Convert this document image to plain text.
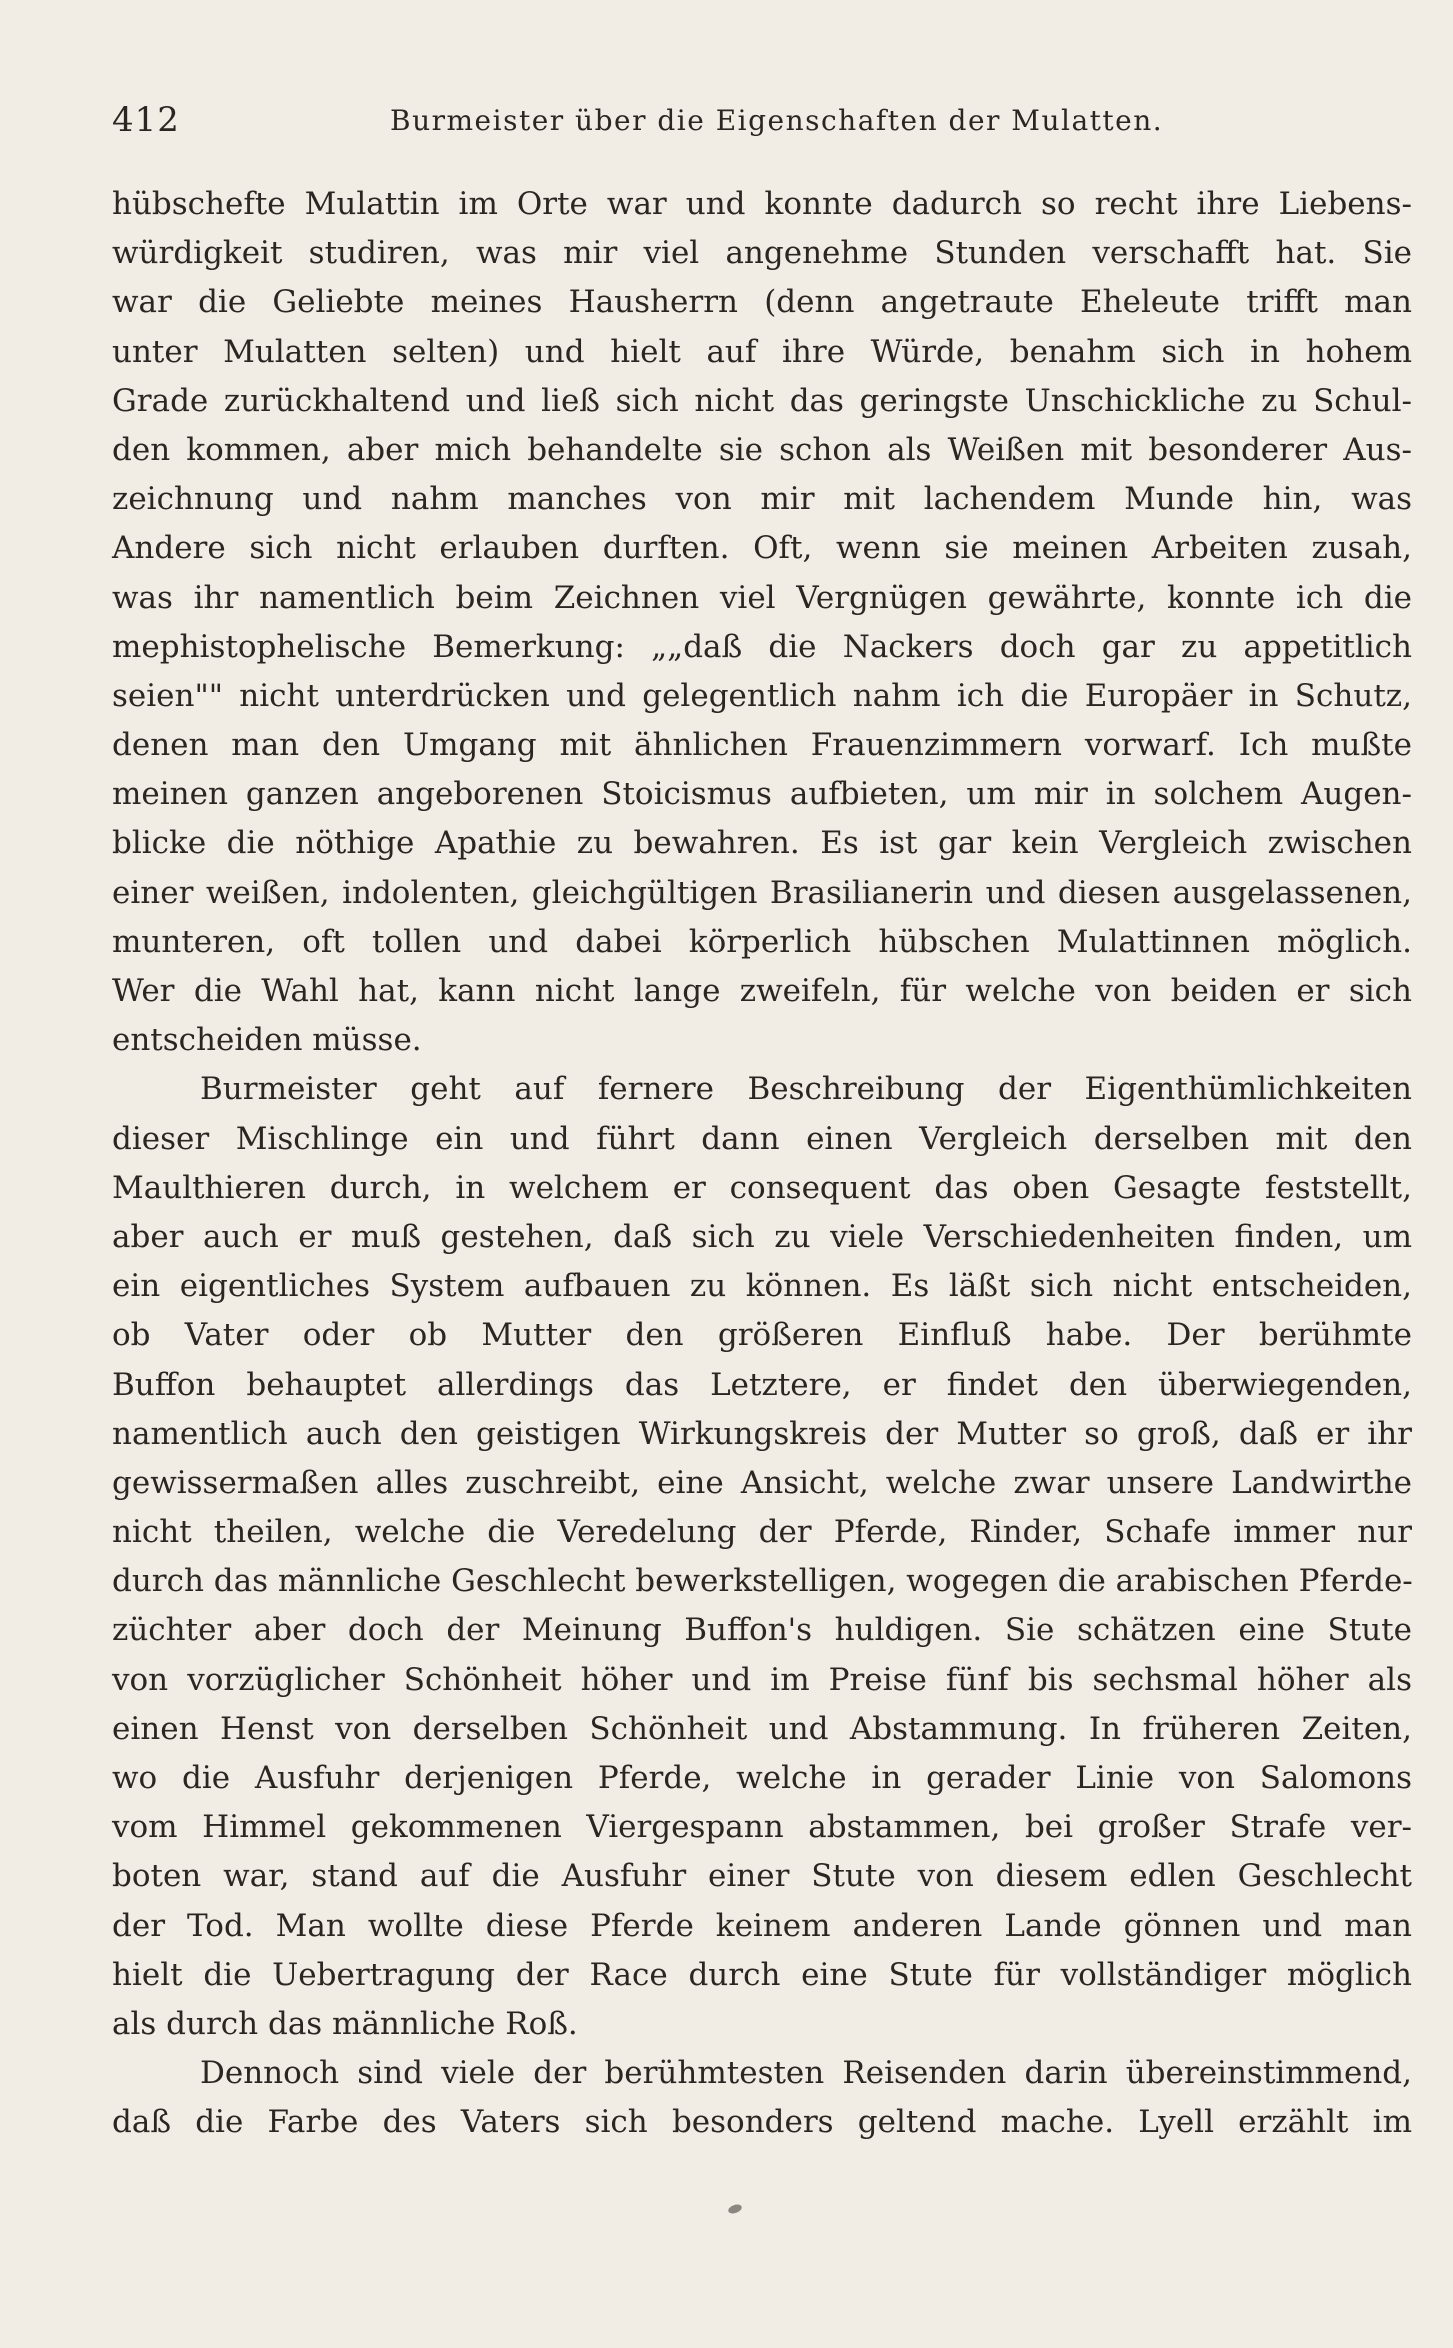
412	Burmeister über die Eigenschaften der Mulatten.
hübschefte Mulattin im Orte war und konnte dadurch so recht ihre Liebens-
würdigkeit studiren, was mir viel angenehme Stunden verschafft hat. Sie
war die Geliebte meines Hausherrn (denn angetraute Eheleute trifft man
unter Mulatten selten) und hielt auf ihre Würde, benahm sich in hohem
Grade zurückhaltend und ließ sich nicht das geringste Unschickliche zu Schul-
den kommen, aber mich behandelte sie schon als Weißen mit besonderer Aus-
zeichnung und nahm manches von mir mit lachendem Munde hin, was
Andere sich nicht erlauben durften. Oft, wenn sie meinen Arbeiten zusah,
was ihr namentlich beim Zeichnen viel Vergnügen gewährte, konnte ich die
mephistophelische Bemerkung: „„daß die Nackers doch gar zu appetitlich
seien"" nicht unterdrücken und gelegentlich nahm ich die Europäer in Schutz,
denen man den Umgang mit ähnlichen Frauenzimmern vorwarf. Ich mußte
meinen ganzen angeborenen Stoicismus aufbieten, um mir in solchem Augen-
blicke die nöthige Apathie zu bewahren. Es ist gar kein Vergleich zwischen
einer weißen, indolenten, gleichgültigen Brasilianerin und diesen ausgelassenen,
munteren, oft tollen und dabei körperlich hübschen Mulattinnen möglich.
Wer die Wahl hat, kann nicht lange zweifeln, für welche von beiden er sich
entscheiden müsse.
Burmeister geht auf fernere Beschreibung der Eigenthümlichkeiten
dieser Mischlinge ein und führt dann einen Vergleich derselben mit den
Maulthieren durch, in welchem er consequent das oben Gesagte feststellt,
aber auch er muß gestehen, daß sich zu viele Verschiedenheiten finden, um
ein eigentliches System aufbauen zu können. Es läßt sich nicht entscheiden,
ob Vater oder ob Mutter den größeren Einfluß habe. Der berühmte
Buffon behauptet allerdings das Letztere, er findet den überwiegenden,
namentlich auch den geistigen Wirkungskreis der Mutter so groß, daß er ihr
gewissermaßen alles zuschreibt, eine Ansicht, welche zwar unsere Landwirthe
nicht theilen, welche die Veredelung der Pferde, Rinder, Schafe immer nur
durch das männliche Geschlecht bewerkstelligen, wogegen die arabischen Pferde-
züchter aber doch der Meinung Buffon's huldigen. Sie schätzen eine Stute
von vorzüglicher Schönheit höher und im Preise fünf bis sechsmal höher als
einen Henst von derselben Schönheit und Abstammung. In früheren Zeiten,
wo die Ausfuhr derjenigen Pferde, welche in gerader Linie von Salomons
vom Himmel gekommenen Viergespann abstammen, bei großer Strafe ver-
boten war, stand auf die Ausfuhr einer Stute von diesem edlen Geschlecht
der Tod. Man wollte diese Pferde keinem anderen Lande gönnen und man
hielt die Uebertragung der Race durch eine Stute für vollständiger möglich
als durch das männliche Roß.
Dennoch sind viele der berühmtesten Reisenden darin übereinstimmend,
daß die Farbe des Vaters sich besonders geltend mache. Lyell erzählt im
